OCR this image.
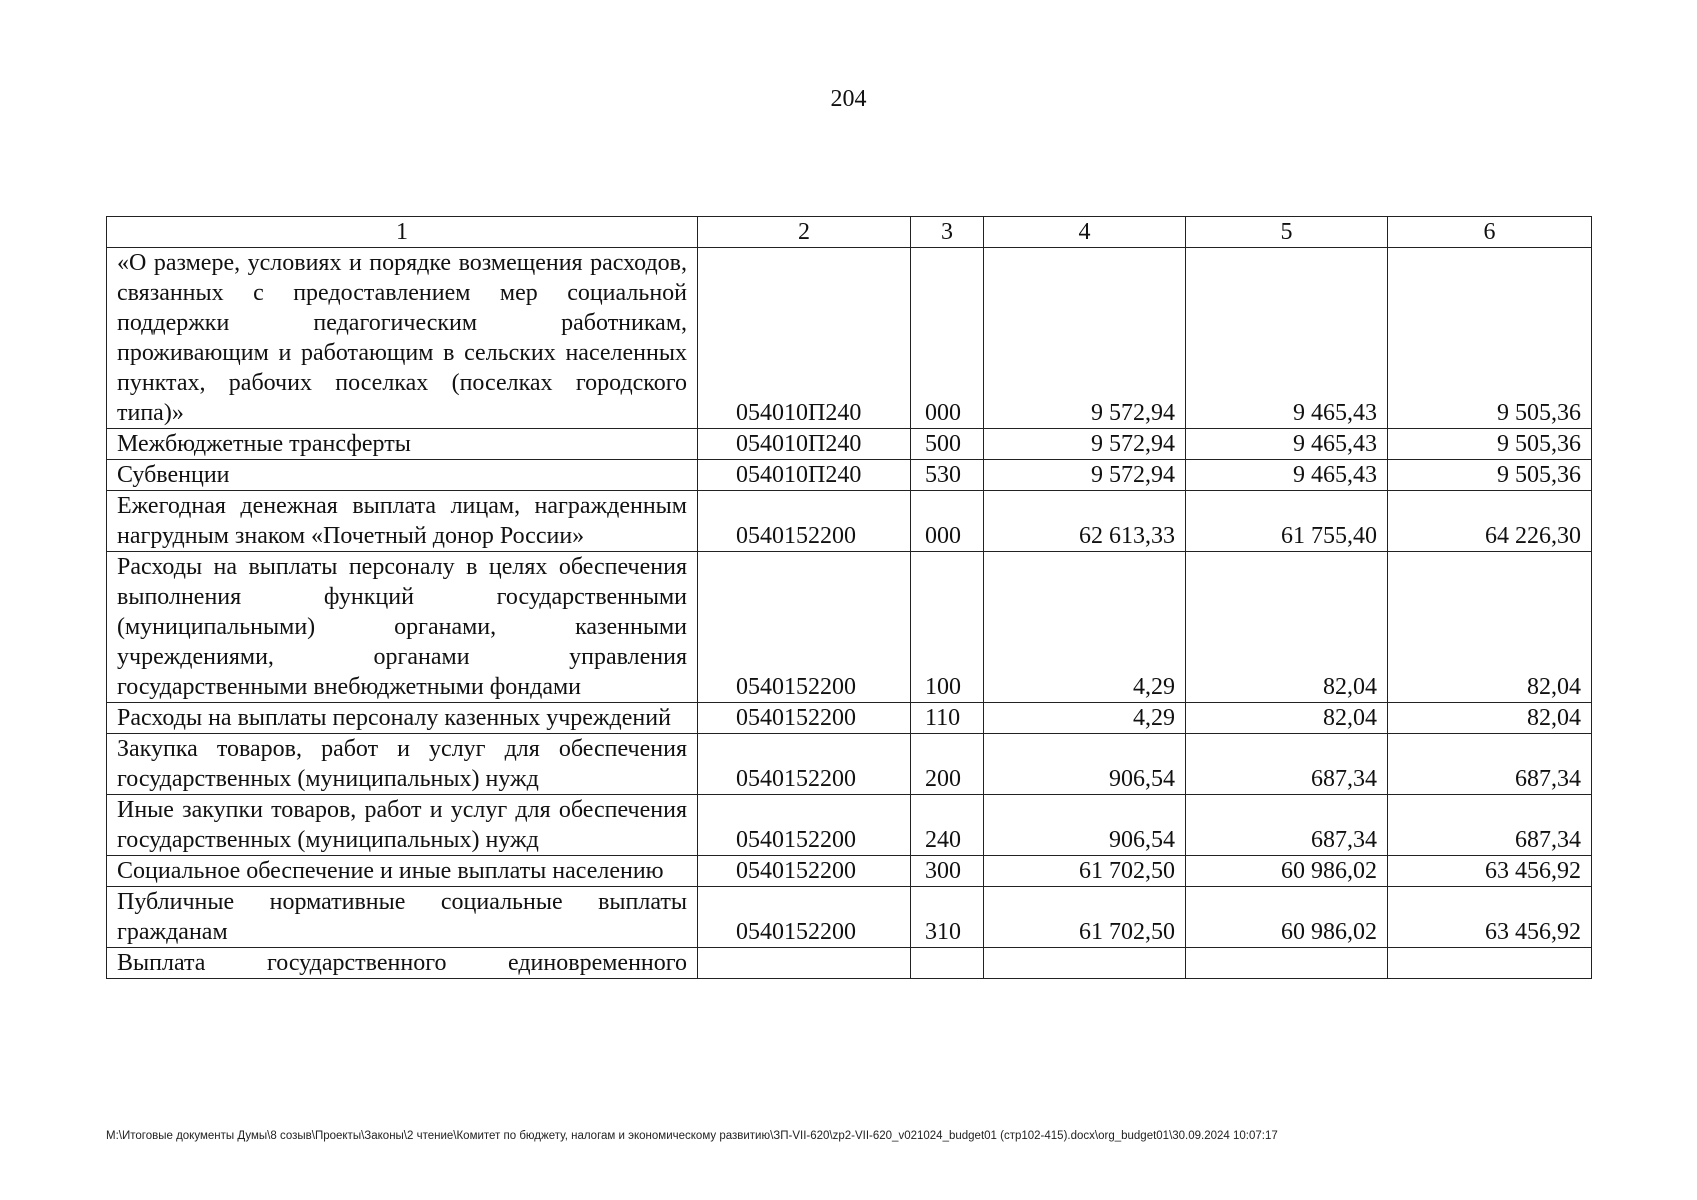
204
1	2	3	4	5	6
«О размере, условиях и порядке возмещения расходов, связанных с предоставлением мер социальной поддержки педагогическим работникам, проживающим и работающим в сельских населенных пунктах, рабочих поселках (поселках городского типа)»	054010П240	000	9 572,94	9 465,43	9 505,36
Межбюджетные трансферты	054010П240	500	9 572,94	9 465,43	9 505,36
Субвенции	054010П240	530	9 572,94	9 465,43	9 505,36
Ежегодная денежная выплата лицам, награжденным нагрудным знаком «Почетный донор России»	0540152200	000	62 613,33	61 755,40	64 226,30
Расходы на выплаты персоналу в целях обеспечения выполнения функций государственными (муниципальными) органами, казенными учреждениями, органами управления государственными внебюджетными фондами	0540152200	100	4,29	82,04	82,04
Расходы на выплаты персоналу казенных учреждений	0540152200	110	4,29	82,04	82,04
Закупка товаров, работ и услуг для обеспечения государственных (муниципальных) нужд	0540152200	200	906,54	687,34	687,34
Иные закупки товаров, работ и услуг для обеспечения государственных (муниципальных) нужд	0540152200	240	906,54	687,34	687,34
Социальное обеспечение и иные выплаты населению	0540152200	300	61 702,50	60 986,02	63 456,92
Публичные нормативные социальные выплаты гражданам	0540152200	310	61 702,50	60 986,02	63 456,92
Выплата государственного единовременного					
M:\Итоговые документы Думы\8 созыв\Проекты\Законы\2 чтение\Комитет по бюджету, налогам и экономическому развитию\ЗП-VII-620\zp2-VII-620_v021024_budget01 (стр102-415).docx\org_budget01\30.09.2024 10:07:17
